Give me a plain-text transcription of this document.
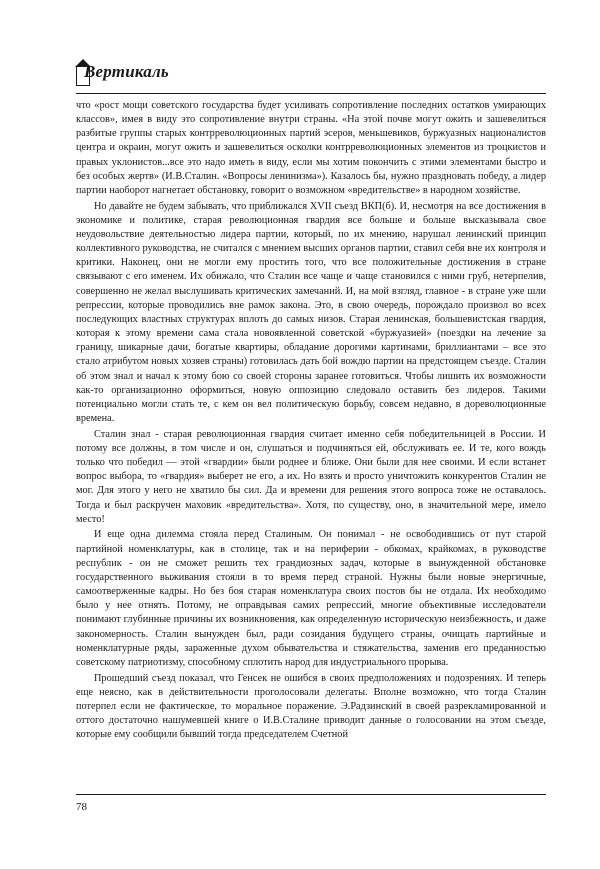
Вертикаль

что «рост мощи советского государства будет усиливать сопротивление последних остатков умирающих классов», имея в виду это сопротивление внутри страны. «На этой почве могут ожить и зашевелиться разбитые группы старых контрреволюционных партий эсеров, меньшевиков, буржуазных националистов центра и окраин, могут ожить и зашевелиться осколки контрреволюционных элементов из троцкистов и правых уклонистов...все это надо иметь в виду, если мы хотим покончить с этими элементами быстро и без особых жертв» (И.В.Сталин. «Вопросы ленинизма»). Казалось бы, нужно праздновать победу, а лидер партии наоборот нагнетает обстановку, говорит о возможном «вредительстве» в народном хозяйстве.

Но давайте не будем забывать, что приближался XVII съезд ВКП(б). И, несмотря на все достижения в экономике и политике, старая революционная гвардия все больше и больше высказывала свое неудовольствие деятельностью лидера партии, который, по их мнению, нарушал ленинский принцип коллективного руководства, не считался с мнением высших органов партии, ставил себя вне их контроля и критики. Наконец, они не могли ему простить того, что все положительные достижения в стране связывают с его именем. Их обижало, что Сталин все чаще и чаще становился с ними груб, нетерпелив, совершенно не желал выслушивать критических замечаний. И, на мой взгляд, главное - в стране уже шли репрессии, которые проводились вне рамок закона. Это, в свою очередь, порождало произвол во всех последующих властных структурах вплоть до самых низов. Старая ленинская, большевистская гвардия, которая к этому времени сама стала новоявленной советской «буржуазией» (поездки на лечение за границу, шикарные дачи, богатые квартиры, обладание дорогими картинами, бриллиантами – все это стало атрибутом новых хозяев страны) готовилась дать бой вождю партии на предстоящем съезде. Сталин об этом знал и начал к этому бою со своей стороны заранее готовиться. Чтобы лишить их возможности как-то организационно оформиться, новую оппозицию следовало оставить без лидеров. Такими потенциально могли стать те, с кем он вел политическую борьбу, совсем недавно, в дореволюционные времена.

Сталин знал - старая революционная гвардия считает именно себя победительницей в России. И потому все должны, в том числе и он, слушаться и подчиняться ей, обслуживать ее. И те, кого вождь только что победил — этой «гвардии» были роднее и ближе. Они были для нее своими. И если встанет вопрос выбора, то «гвардия» выберет не его, а их. Но взять и просто уничтожить конкурентов Сталин не мог. Для этого у него не хватило бы сил. Да и времени для решения этого вопроса тоже не оставалось. Тогда и был раскручен маховик «вредительства». Хотя, по существу, оно, в значительной мере, имело место!

И еще одна дилемма стояла перед Сталиным. Он понимал - не освободившись от пут старой партийной номенклатуры, как в столице, так и на периферии - обкомах, крайкомах, в руководстве республик - он не сможет решить тех грандиозных задач, которые в вынужденной обстановке государственного выживания стояли в то время перед страной. Нужны были новые энергичные, самоотверженные кадры. Но без боя старая номенклатура своих постов бы не отдала. Их необходимо было у нее отнять. Потому, не оправдывая самих репрессий, многие объективные исследователи понимают глубинные причины их возникновения, как определенную историческую неизбежность, и даже закономерность. Сталин вынужден был, ради созидания будущего страны, очищать партийные и номенклатурные ряды, зараженные духом обывательства и стяжательства, заменив его преданностью советскому патриотизму, способному сплотить народ для индустриального прорыва.

Прошедший съезд показал, что Генсек не ошибся в своих предположениях и подозрениях. И теперь еще неясно, как в действительности проголосовали делегаты. Вполне возможно, что тогда Сталин потерпел если не фактическое, то моральное поражение. Э.Радзинский в своей разрекламированной и оттого достаточно нашумевшей книге о И.В.Сталине приводит данные о голосовании на этом съезде, которые ему сообщили бывший тогда председателем Счетной

78
